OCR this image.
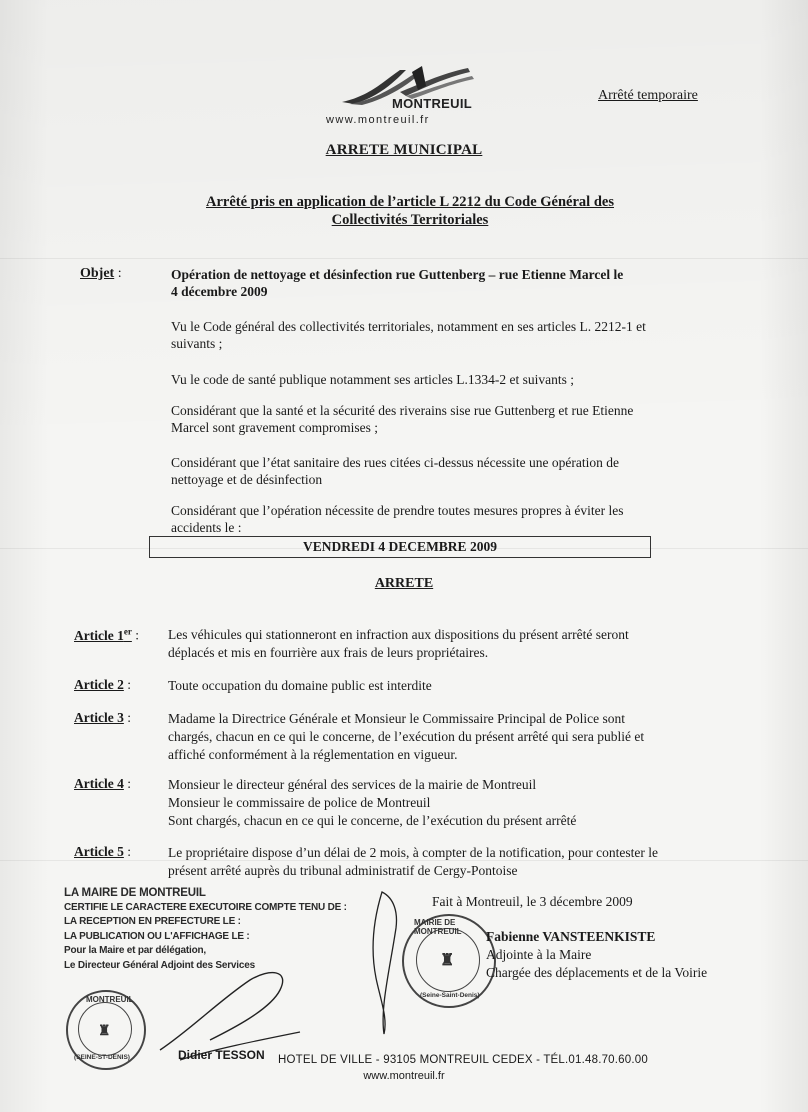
MONTREUIL
www.montreuil.fr
Arrêté temporaire
ARRETE MUNICIPAL
Arrêté pris en application de l’article L 2212 du Code Général des
Collectivités Territoriales
Objet :	Opération de nettoyage et désinfection rue Guttenberg – rue Etienne Marcel le
4 décembre 2009
Vu le Code général des collectivités territoriales, notamment en ses articles L. 2212-1 et
suivants ;
Vu le code de santé publique notamment ses articles L.1334-2 et suivants ;
Considérant que la santé et la sécurité des riverains sise rue Guttenberg et rue Etienne
Marcel sont gravement compromises ;
Considérant que l’état sanitaire des rues citées ci-dessus nécessite une opération de
nettoyage et de désinfection
Considérant que l’opération nécessite de prendre toutes mesures propres à éviter les
accidents le :
VENDREDI 4 DECEMBRE 2009
ARRETE
Article 1er : Les véhicules qui stationneront en infraction aux dispositions du présent arrêté seront
déplacés et mis en fourrière aux frais de leurs propriétaires.
Article 2 :	Toute occupation du domaine public est interdite
Article 3 :	Madame la Directrice Générale et Monsieur le Commissaire Principal de Police sont
chargés, chacun en ce qui le concerne, de l’exécution du présent arrêté qui sera publié et
affiché conformément à la réglementation en vigueur.
Article 4 :	Monsieur le directeur général des services de la mairie de Montreuil
Monsieur le commissaire de police de Montreuil
Sont chargés, chacun en ce qui le concerne, de l’exécution du présent arrêté
Article 5 :	Le propriétaire dispose d’un délai de 2 mois, à compter de la notification, pour contester le
présent arrêté auprès du tribunal administratif de Cergy-Pontoise
LA MAIRE DE MONTREUIL
CERTIFIE LE CARACTERE EXECUTOIRE COMPTE TENU DE :
LA RECEPTION EN PREFECTURE LE :
LA PUBLICATION OU L'AFFICHAGE LE :
Pour la Maire et par délégation,
Le Directeur Général Adjoint des Services
MONTREUIL
(SEINE-ST-DENIS)
♜
MAIRIE DE MONTREUIL
(Seine-Saint-Denis)
♜
Fait à Montreuil, le 3 décembre 2009
Fabienne VANSTEENKISTE
Adjointe à la Maire
Chargée des déplacements et de la Voirie
Didier TESSON HOTEL DE VILLE - 93105 MONTREUIL CEDEX - TÉL.01.48.70.60.00
www.montreuil.fr
